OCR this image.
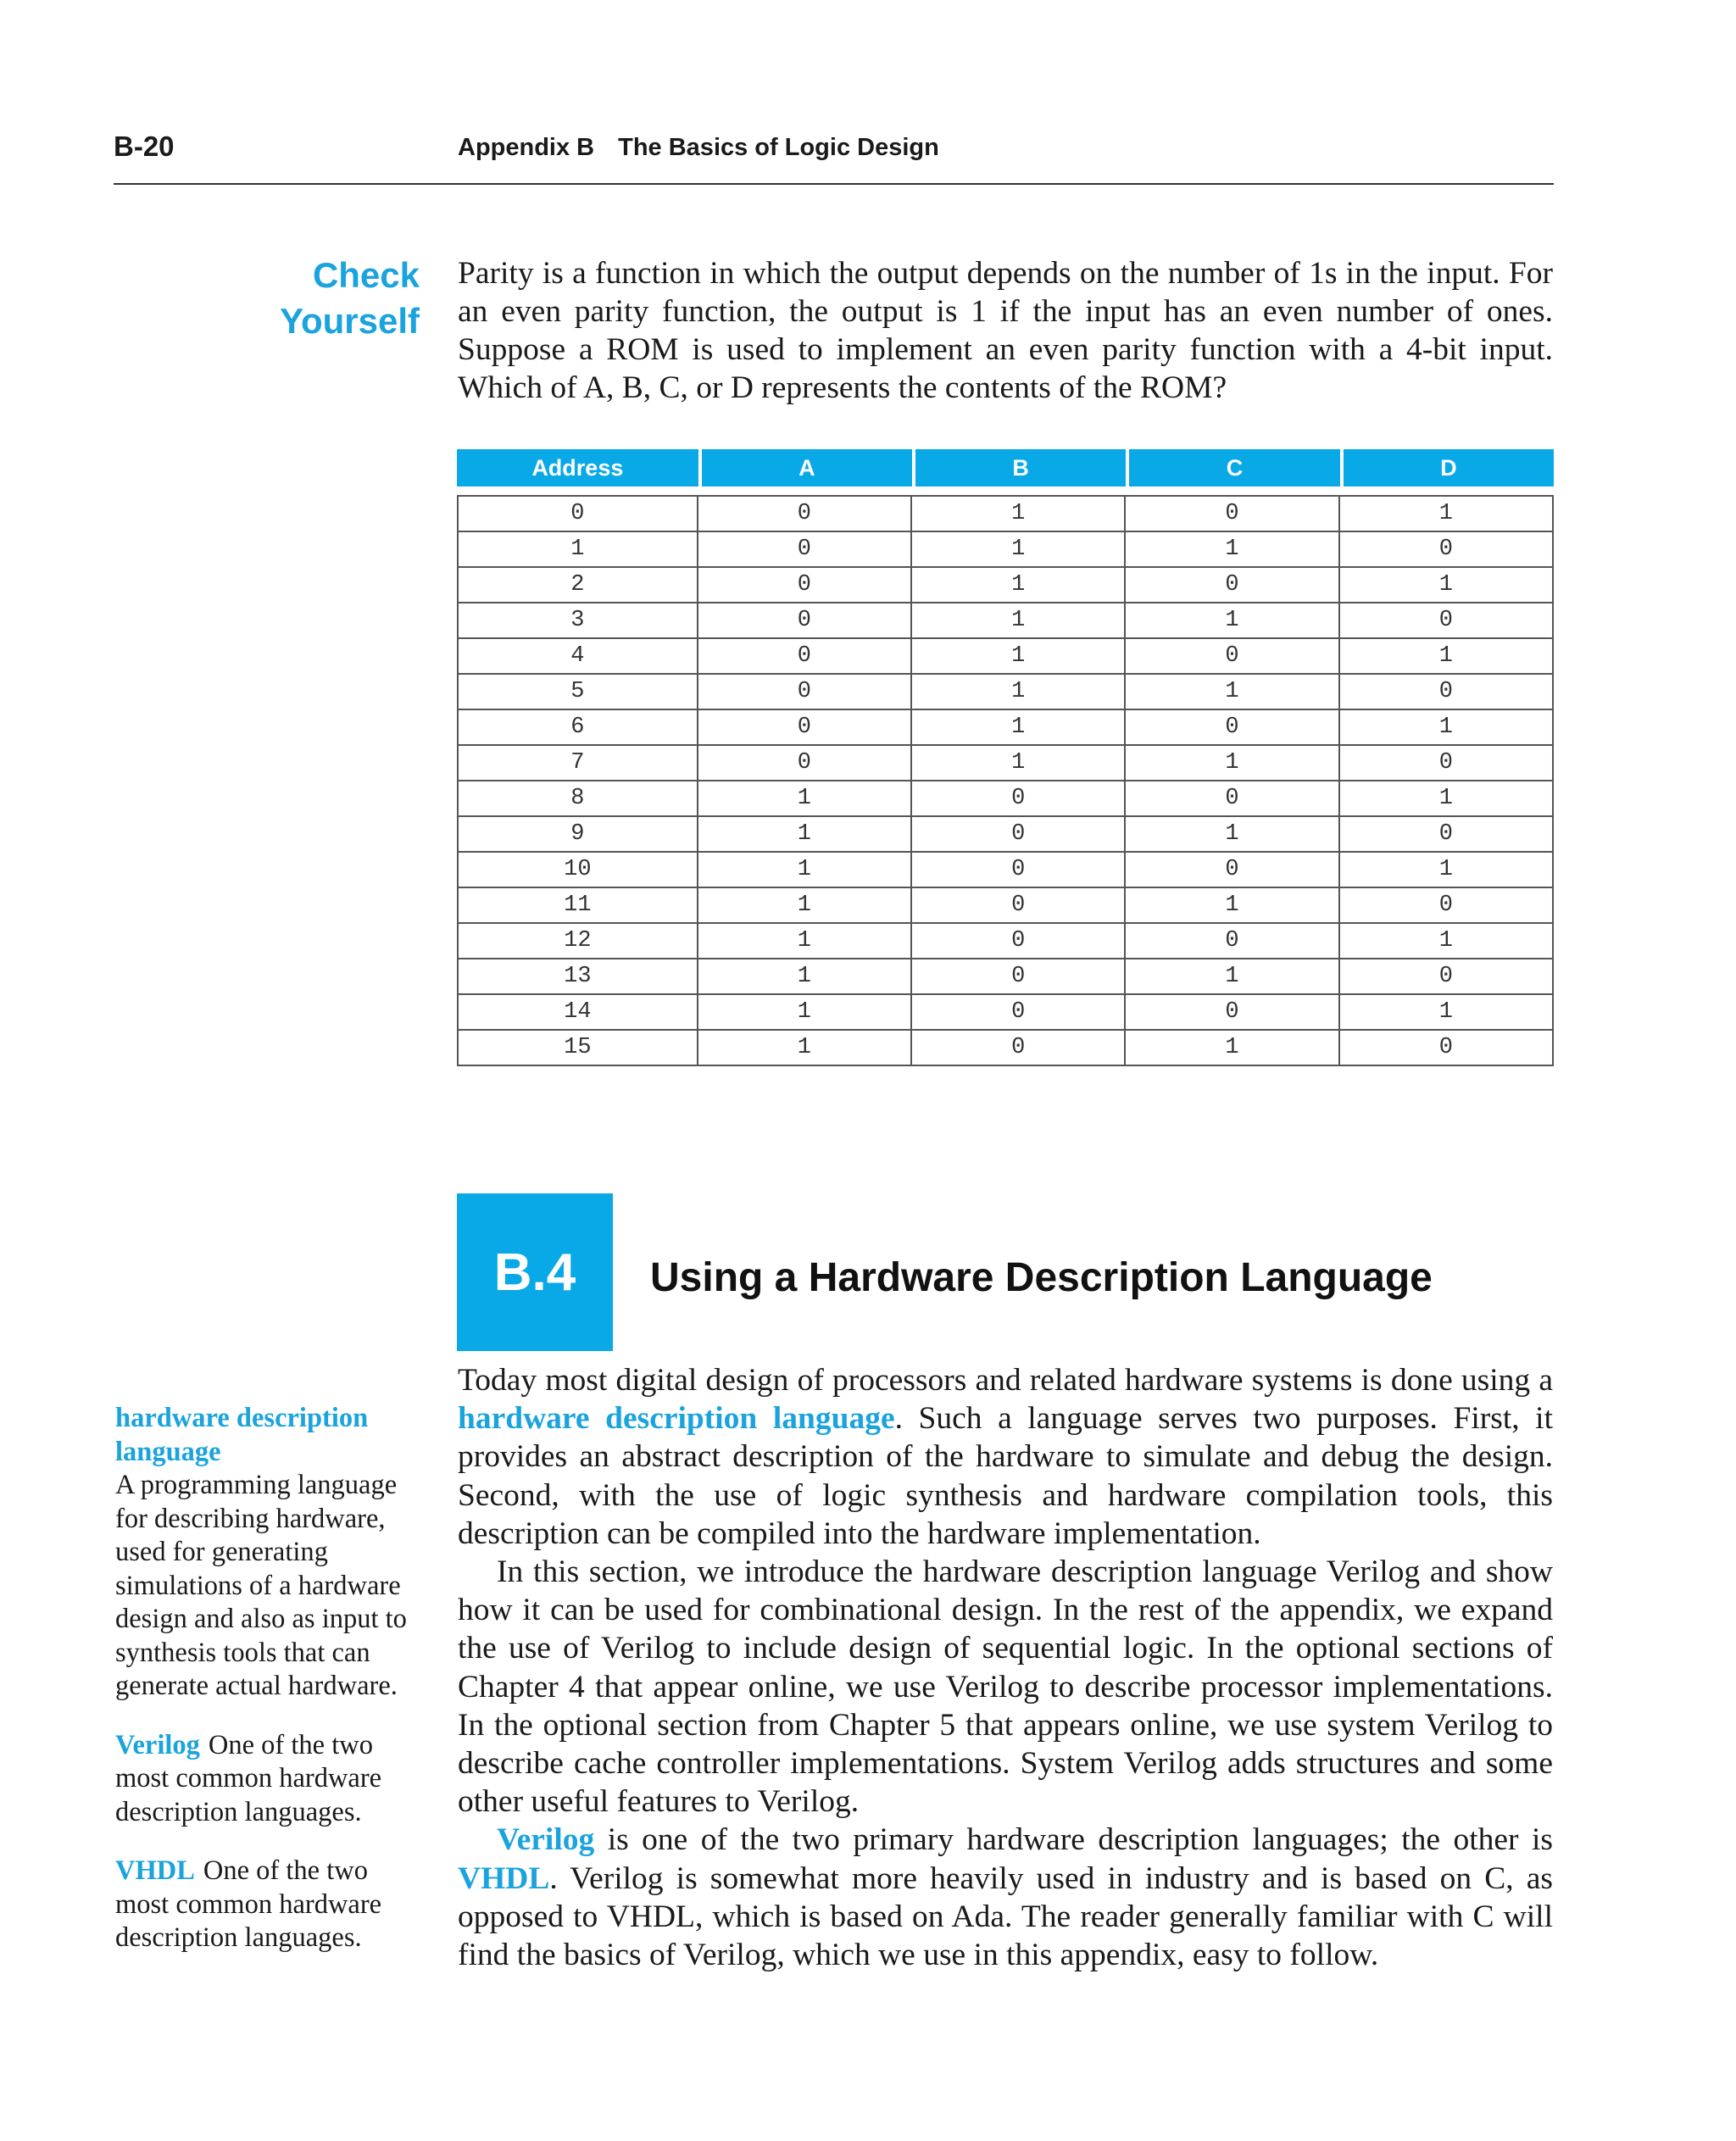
B-20	Appendix B The Basics of Logic Design
Check
Yourself

Parity is a function in which the output depends on the number of 1s in the input. For an even parity function, the output is 1 if the input has an even number of ones. Suppose a ROM is used to implement an even parity function with a 4-bit input. Which of A, B, C, or D represents the contents of the ROM?

Address	A	B	C	D

0	0	1	0	1
1	0	1	1	0
2	0	1	0	1
3	0	1	1	0
4	0	1	0	1
5	0	1	1	0
6	0	1	0	1
7	0	1	1	0
8	1	0	0	1
9	1	0	1	0
10	1	0	0	1
11	1	0	1	0
12	1	0	0	1
13	1	0	1	0
14	1	0	0	1
15	1	0	1	0
B.4 Using a Hardware Description Language
hardware description language
A programming language for describing hardware, used for generating simulations of a hardware design and also as input to synthesis tools that can generate actual hardware.
Verilog One of the two most common hardware description languages.
VHDL One of the two most common hardware description languages.

Today most digital design of processors and related hardware systems is done using a hardware description language. Such a language serves two purposes. First, it provides an abstract description of the hardware to simulate and debug the design. Second, with the use of logic synthesis and hardware compilation tools, this description can be compiled into the hardware implementation.

In this section, we introduce the hardware description language Verilog and show how it can be used for combinational design. In the rest of the appendix, we expand the use of Verilog to include design of sequential logic. In the optional sections of Chapter 4 that appear online, we use Verilog to describe processor implementations. In the optional section from Chapter 5 that appears online, we use system Verilog to describe cache controller implementations. System Verilog adds structures and some other useful features to Verilog.

Verilog is one of the two primary hardware description languages; the other is VHDL. Verilog is somewhat more heavily used in industry and is based on C, as opposed to VHDL, which is based on Ada. The reader generally familiar with C will find the basics of Verilog, which we use in this appendix, easy to follow.
